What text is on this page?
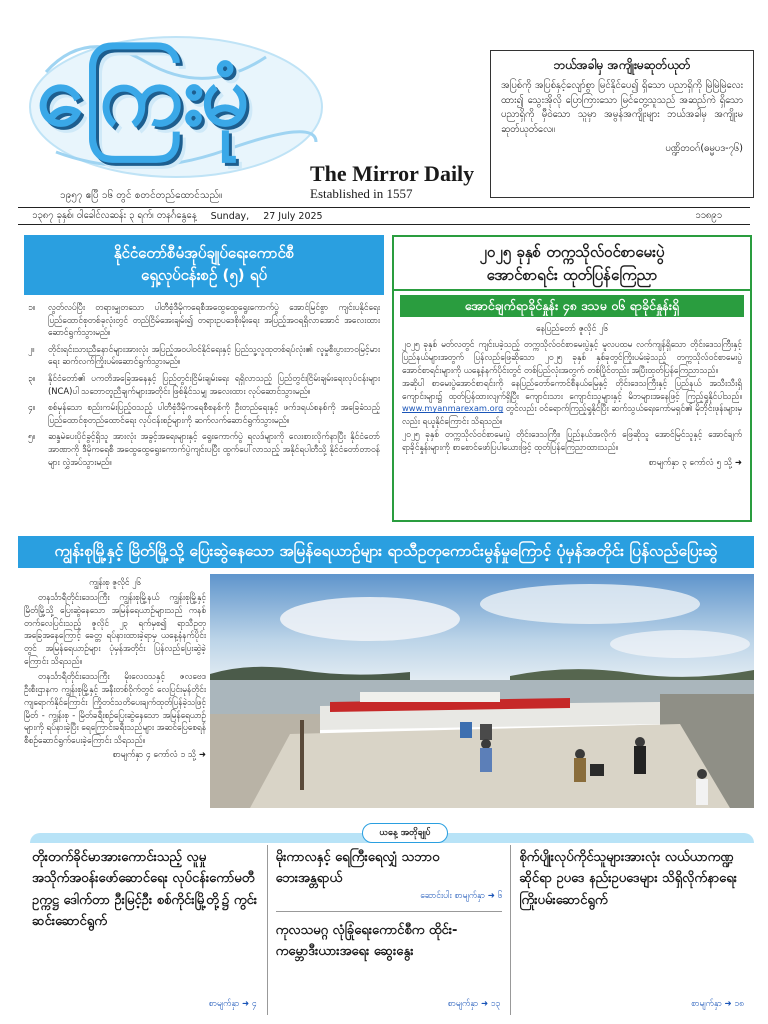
ကြေးမုံ
The Mirror Daily
Established in 1557
၁၉၅၇ ဧပြီ ၁၆ တွင် စတင်တည်ထောင်သည်။
ဘယ်အခါမှ အကျိုးမဆုတ်ယုတ်
အပြစ်ကို အပြစ်နှင့်လျော်စွာ မြင်နိုင်ပေ၍ ရှိသော ပညာရှိကို မြဲမြဲမြဲလေးထား၍ သွေးအိုလို ပြောကြားသော မြင်တွေ့သူသည် အဆည်ကဲ ရှိသော ပညာရှိကို မှီဝဲသော သူမှာ အမွန်အကျိုးများ ဘယ်အခါမှ အကျိုးမဆုတ်ယုတ်လေ။
ပဏ္ဍိတဝဂ်(ဓမ္မပဒ-၇၆)
၁၃၈၇ ခုနှစ်၊ ဝါခေါင်လဆန်း ၃ ရက်၊ တနင်္ဂနွေနေ့ Sunday, 27 July 2025	၁၁၈၉၁
နိုင်ငံတော်စီမံအုပ်ချုပ်ရေးကောင်စီ
ရှေ့လုပ်ငန်းစဉ် (၅) ရပ်
၁။	လွတ်လပ်ပြီး တရားမျှတသော ပါတီစုံဒီမိုကရေစီအထွေထွေရွေးကောက်ပွဲ အောင်မြင်စွာ ကျင်းပနိုင်ရေး ပြည်ထောင်စုတစ်ခုလုံးတွင် တည်ငြိမ်အေးချမ်း၍ တရားဥပဒေစိုးမိုးရေး အပြည့်အဝရရှိလာအောင် အလေးထားဆောင်ရွက်သွားမည်။
၂။	တိုင်းရင်းသားညီနောင်များအားလုံး အပြည့်အဝပါဝင်နိုင်ရေးနှင့် ပြည်သူ့လူထုတစ်ရပ်လုံး၏ လူမှုစီးပွားဘဝမြင့်မားရေး ဆက်လက်ကြိုးပမ်းဆောင်ရွက်သွားမည်။
၃။	နိုင်ငံတော်၏ ပကတိအခြေအနေနှင့် ပြည်တွင်းငြိမ်းချမ်းရေး ရရှိလာသည့် ပြည်တွင်းငြိမ်းချမ်းရေးလုပ်ငန်းများ (NCA)ပါ သဘောတူညီချက်များအတိုင်း ဖြစ်နိုင်သမျှ အလေးထား လုပ်ဆောင်သွားမည်။
၄။	စစ်မှန်သော စည်းကမ်းပြည့်ဝသည့် ပါတီစုံဒီမိုကရေစီစနစ်ကို ဦးတည်ရေးနှင့် ဖက်ဒရယ်စနစ်ကို အခြေခံသည့် ပြည်ထောင်စုတည်ထောင်ရေး လုပ်ငန်းစဉ်များကို ဆက်လက်ဆောင်ရွက်သွားမည်။
၅။	ဆန္ဒမဲပေးပိုင်ခွင့်ရှိသူ အားလုံး အခွင့်အရေးများနှင့် ရွေးကောက်ပွဲ ရလဒ်များကို လေးစားလိုက်နာပြီး နိုင်ငံတော်အာဏာကို ဒီမိုကရေစီ အထွေထွေရွေးကောက်ပွဲကျင်းပပြီး ထွက်ပေါ်လာသည့် အနိုင်ရပါတီသို့ နိုင်ငံတော်တာဝန်များ လွှဲအပ်သွားမည်။
၂၀၂၅ ခုနှစ် တက္ကသိုလ်ဝင်စာမေးပွဲ
အောင်စာရင်း ထုတ်ပြန်ကြေညာ
အောင်ချက်ရာခိုင်နှုန်း ၄၈ ဒသမ ဝ၆ ရာခိုင်နှုန်းရှိ
နေပြည်တော် ဇူလိုင် ၂၆

၂၀၂၅ ခုနှစ် မတ်လတွင် ကျင်းပခဲ့သည့် တက္ကသိုလ်ဝင်စာမေးပွဲနှင့် မူလပထမ လက်ကျန်ရှိသော တိုင်းဒေသကြီးနှင့် ပြည်နယ်များအတွက် ပြန်လည်ဖြေဆိုသော ၂၀၂၅ ခုနှစ် နှစ်ခုတွင်ကြိုးပမ်းခဲ့သည့် တက္ကသိုလ်ဝင်စာမေးပွဲအောင်စာရင်းများကို ယနေ့နံနက်ပိုင်းတွင် တစ်ပြည်လုံးအတွက် တစ်ပြိုင်တည်း အပြီးထုတ်ပြန်ကြေညာသည်။

အဆိုပါ စာမေးပွဲအောင်စာရင်းကို နေပြည်တော်ကောင်စီနယ်မြေနှင့် တိုင်းဒေသကြီးနှင့် ပြည်နယ် အသီးသီးရှိ ကျောင်းများ၌ ထုတ်ပြန်ထားလျက်ရှိပြီး ကျောင်းသား ကျောင်းသူများနှင့် မိဘများအနေဖြင့် ကြည့်ရှုနိုင်ပါသည်။ www.myanmarexam.org တွင်လည်း ဝင်ရောက်ကြည့်ရှုနိုင်ပြီး ဆက်သွယ်ရေးကော်မရှင်၏ မိုဘိုင်းဖုန်းများမှလည်း ရယူနိုင်ကြောင်း သိရသည်။

၂၀၂၅ ခုနှစ် တက္ကသိုလ်ဝင်စာမေးပွဲ တိုင်းဒေသကြီး၊ ပြည်နယ်အလိုက် ဖြေဆိုသူ အောင်မြင်သူနှင့် အောင်ချက်ရာခိုင်နှုန်းများကို စာစောင်ဖော်ပြပါယေားဖြင့် ထုတ်ပြန်ကြေညာထားသည်။

စာမျက်နှာ ၃ ကော်လံ ၅ သို့ ➜
ကျွန်းစုမြို့နှင့် မြိတ်မြို့သို့ ပြေးဆွဲနေသော အမြန်ရေယာဉ်များ ရာသီဥတုကောင်းမွန်မှုကြောင့် ပုံမှန်အတိုင်း ပြန်လည်ပြေးဆွဲ
ကျွန်းစု ဇူလိုင် ၂၆

တနင်္သာရီတိုင်းဒေသကြီး ကျွန်းစုမြို့နယ် ကျွန်းစုမြို့နှင့် မြိတ်မြို့သို့ ပြေးဆွဲနေသော အမြန်ရေယာဉ်များသည် ကနစ်တက်လေပြင်းသည့် ဇူလိုင် ၂၃ ရက်မှစ၍ ရာသီဥတုအခြေအနေကြောင့် ခေတ္တ ရပ်နားထားခဲ့ရာမှ ယနေ့နံနက်ပိုင်းတွင် အမြန်ရေယာဉ်များ ပုံမှန်အတိုင်း ပြန်လည်ပြေးဆွဲခဲ့ကြောင်း သိရသည်။

တနင်္သာရီတိုင်းဒေသကြီး မိုးလေဝသနှင့် ဇလဗေဒဦးစီးဌာနက ကျွန်းစုမြို့နှင့် အနီးတစ်ဝိုက်တွင် လေပြင်းမုန်တိုင်းကျရောက်နိုင်ကြောင်း ကြိုတင်သတိပေးချက်ထုတ်ပြန်ခဲ့သဖြင့် မြိတ် - ကျွန်းစု - မြိတ်ခရီးစဉ်ပြေးဆွဲနေသော အမြန်ရေယာဉ်များကို ရပ်နားခဲ့ပြီး ရေကြောင်းခရီးသည်များ အဆင်ပြေစေရန် စီစဉ်ဆောင်ရွက်ပေးခဲ့ကြောင်း သိရသည်။

စာမျက်နှာ ၄ ကော်လံ ၁ သို့ ➜
ယနေ့ အတိုချုပ်
တိုးတက်ခိုင်မာအားကောင်းသည့် လူမှုအသိုက်အဝန်းဖော်ဆောင်ရေး လုပ်ငန်းကော်မတီ ဥက္ကဋ္ဌ ဒေါက်တာ ဦးမြင့်ဦး စစ်ကိုင်းမြို့တို့၌ ကွင်းဆင်းဆောင်ရွက်
စာမျက်နှာ ➜ ၄
မိုးကာလနှင့် ရေကြီးရေလျှံ သဘာဝဘေးအန္တရာယ်
ဆောင်းပါး စာမျက်နှာ ➜ ၆
ကုလသမဂ္ဂ လုံခြုံရေးကောင်စီက ထိုင်း-ကမ္ဘောဒီးယားအရေး ဆွေးနွေး
စာမျက်နှာ ➜ ၁၃
စိုက်ပျိုးလုပ်ကိုင်သူများအားလုံး လယ်ယာကဏ္ဍ ဆိုင်ရာ ဥပဒေ နည်းဥပဒေများ သိရှိလိုက်နာရေး ကြိုးပမ်းဆောင်ရွက်
စာမျက်နှာ ➜ ၁၈
